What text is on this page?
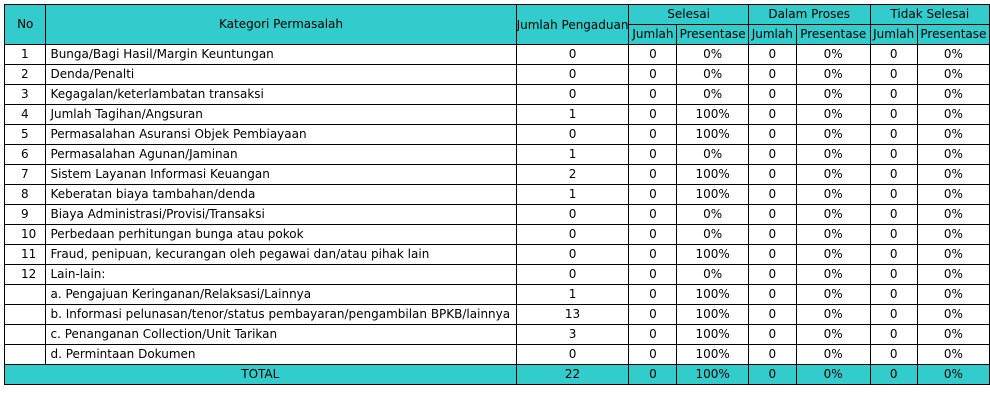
No	Kategori Permasalah	Jumlah Pengaduan	Selesai		Dalam Proses		Tidak Selesai	
			Jumlah	Presentase	Jumlah	Presentase	Jumlah	Presentase
1	Bunga/Bagi Hasil/Margin Keuntungan	0	0	0%	0	0%	0	0%
2	Denda/Penalti	0	0	0%	0	0%	0	0%
3	Kegagalan/keterlambatan transaksi	0	0	0%	0	0%	0	0%
4	Jumlah Tagihan/Angsuran	1	0	100%	0	0%	0	0%
5	Permasalahan Asuransi Objek Pembiayaan	0	0	100%	0	0%	0	0%
6	Permasalahan Agunan/Jaminan	1	0	0%	0	0%	0	0%
7	Sistem Layanan Informasi Keuangan	2	0	100%	0	0%	0	0%
8	Keberatan biaya tambahan/denda	1	0	100%	0	0%	0	0%
9	Biaya Administrasi/Provisi/Transaksi	0	0	0%	0	0%	0	0%
10	Perbedaan perhitungan bunga atau pokok	0	0	0%	0	0%	0	0%
11	Fraud, penipuan, kecurangan oleh pegawai dan/atau pihak lain	0	0	100%	0	0%	0	0%
12	Lain-lain:	0	0	0%	0	0%	0	0%
	a. Pengajuan Keringanan/Relaksasi/Lainnya	1	0	100%	0	0%	0	0%
	b. Informasi pelunasan/tenor/status pembayaran/pengambilan BPKB/lainnya	13	0	100%	0	0%	0	0%
	c. Penanganan Collection/Unit Tarikan	3	0	100%	0	0%	0	0%
	d. Permintaan Dokumen	0	0	100%	0	0%	0	0%
TOTAL		22	0	100%	0	0%	0	0%
